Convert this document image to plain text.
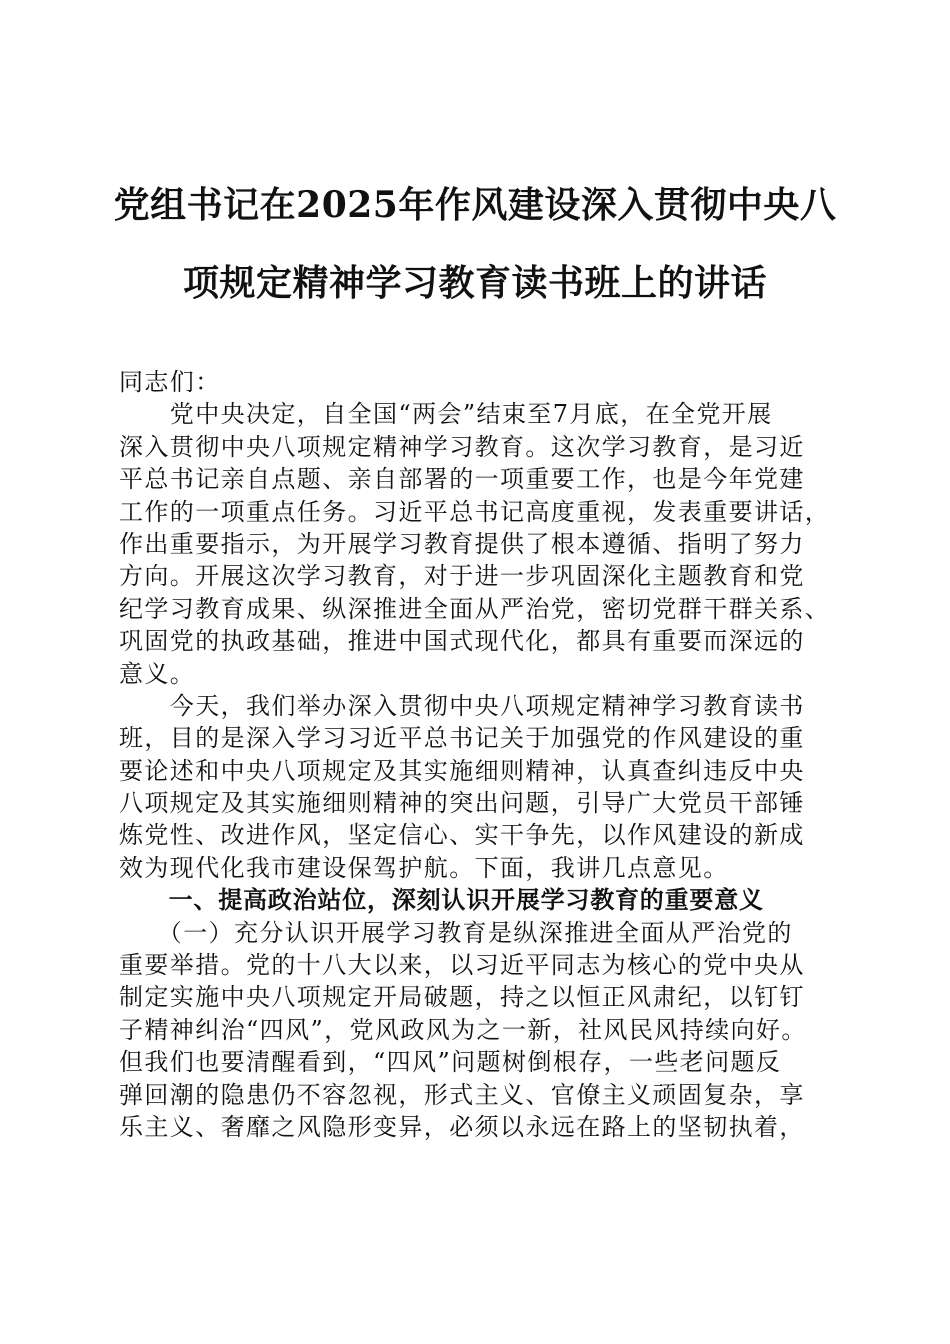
党组书记在2025年作风建设深入贯彻中央八
项规定精神学习教育读书班上的讲话
同志们：
　　党中央决定，自全国“两会”结束至7月底，在全党开展
深入贯彻中央八项规定精神学习教育。这次学习教育，是习近
平总书记亲自点题、亲自部署的一项重要工作，也是今年党建
工作的一项重点任务。习近平总书记高度重视，发表重要讲话，
作出重要指示，为开展学习教育提供了根本遵循、指明了努力
方向。开展这次学习教育，对于进一步巩固深化主题教育和党
纪学习教育成果、纵深推进全面从严治党，密切党群干群关系、
巩固党的执政基础，推进中国式现代化，都具有重要而深远的
意义。
　　今天，我们举办深入贯彻中央八项规定精神学习教育读书
班，目的是深入学习习近平总书记关于加强党的作风建设的重
要论述和中央八项规定及其实施细则精神，认真查纠违反中央
八项规定及其实施细则精神的突出问题，引导广大党员干部锤
炼党性、改进作风，坚定信心、实干争先，以作风建设的新成
效为现代化我市建设保驾护航。下面，我讲几点意见。
　　一、提高政治站位，深刻认识开展学习教育的重要意义
　　（一）充分认识开展学习教育是纵深推进全面从严治党的
重要举措。党的十八大以来，以习近平同志为核心的党中央从
制定实施中央八项规定开局破题，持之以恒正风肃纪，以钉钉
子精神纠治“四风”，党风政风为之一新，社风民风持续向好。
但我们也要清醒看到，“四风”问题树倒根存，一些老问题反
弹回潮的隐患仍不容忽视，形式主义、官僚主义顽固复杂，享
乐主义、奢靡之风隐形变异，必须以永远在路上的坚韧执着，
